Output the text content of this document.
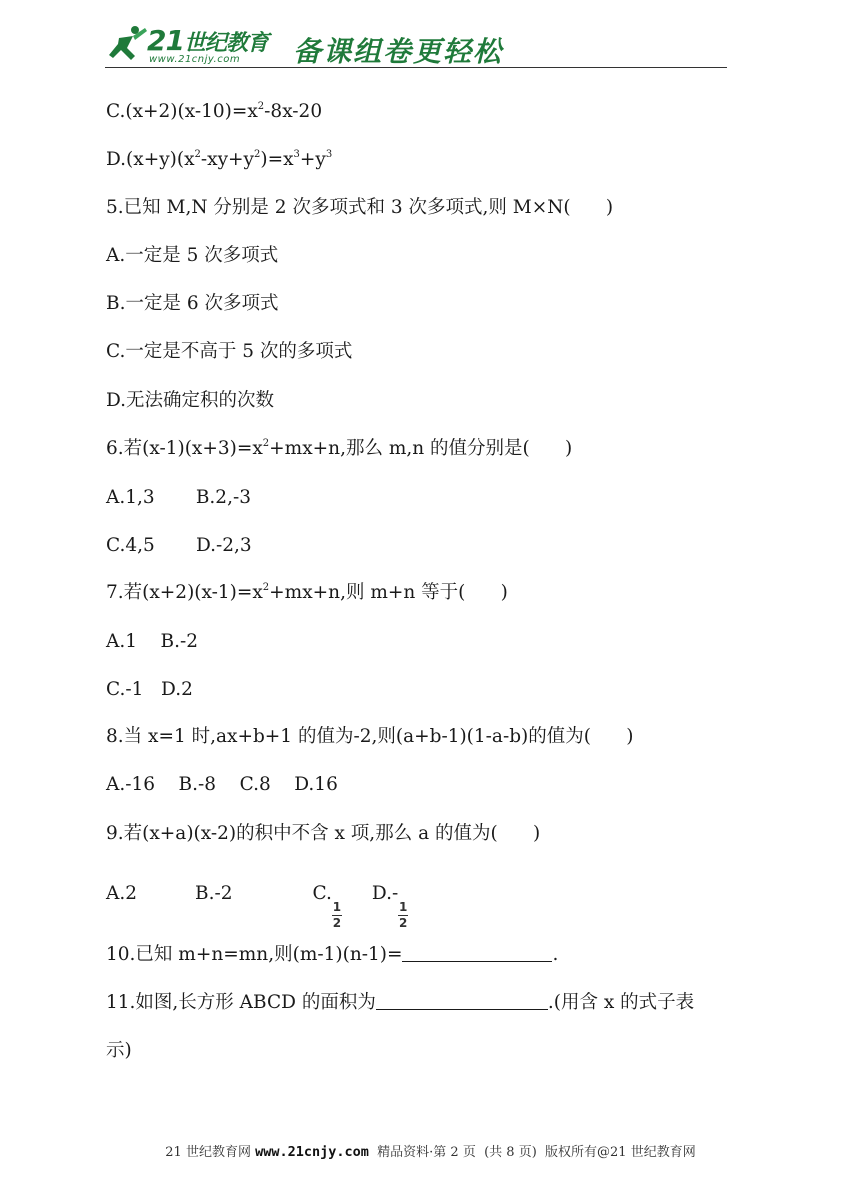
21世纪教育
www.21cnjy.com 备课组卷更轻松
$C.(x+2)(x-10)=x^2-8x-20$
$D.(x+y)(x^2-xy+y^2)=x^3+y^3$
5.已知 M,N 分别是 2 次多项式和 3 次多项式,则 M×N(      )
A.一定是 5 次多项式
B.一定是 6 次多项式
C.一定是不高于 5 次的多项式
D.无法确定积的次数
6.若$(x-1)(x+3)=x^2+mx+n$,那么 m,n 的值分别是(      )
A.1,3       B.2,-3
C.4,5       D.-2,3
7.若$(x+2)(x-1)=x^2+mx+n$,则 m+n 等于(      )
A.1    B.-2
C.-1   D.2
8.当 x=1 时,ax+b+1 的值为-2,则(a+b-1)(1-a-b)的值为(      )
A.-16    B.-8    C.8    D.16
9.若(x+a)(x-2)的积中不含 x 项,那么 a 的值为(      )
A.2	B.-2	C.
$\frac{1}{2}$
D.-
$\frac{1}{2}$
10.已知 m+n=mn,则(m-1)(n-1)=	.
11.如图,长方形 ABCD 的面积为	.(用含 x 的式子表
示)
21 世纪教育网 www.21cnjy.com 精品资料·第 2 页  (共 8 页)  版权所有@21 世纪教育网
